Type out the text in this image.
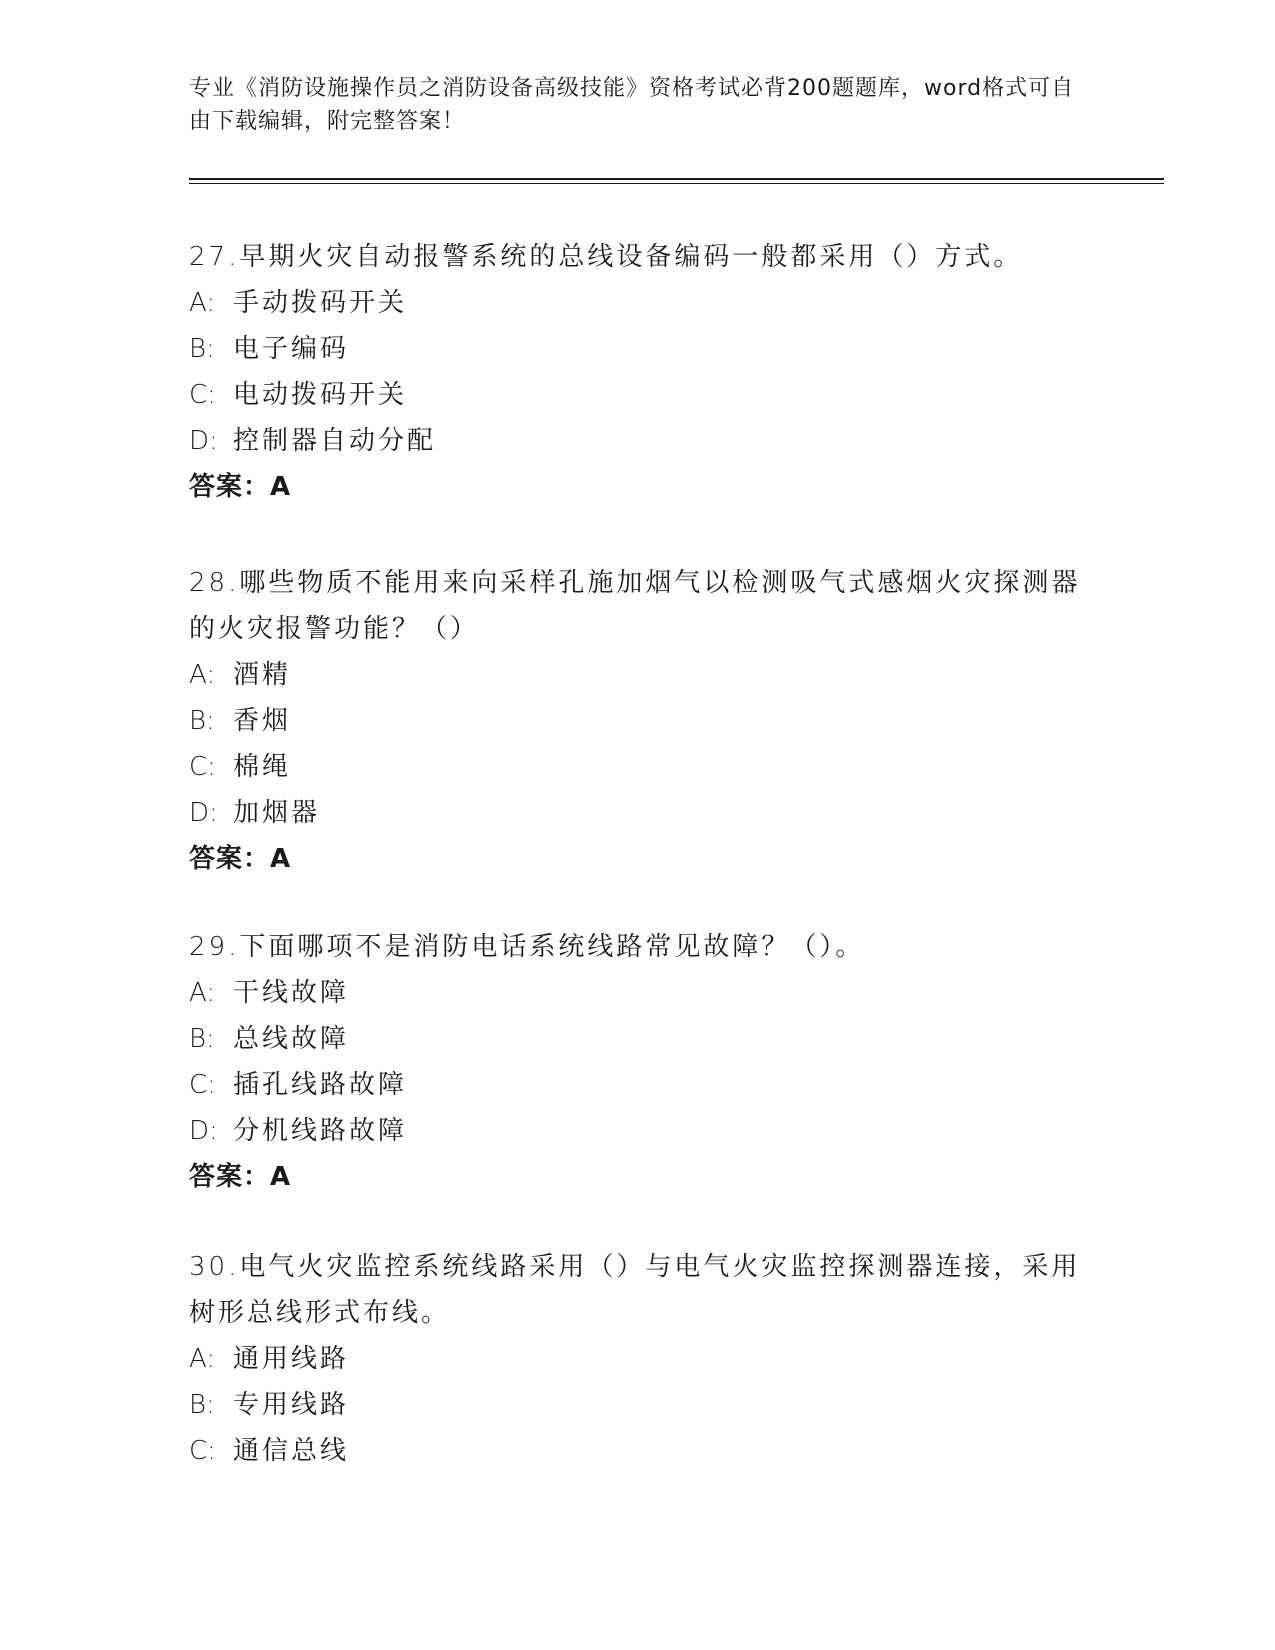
专业《消防设施操作员之消防设备高级技能》资格考试必背200题题库，word格式可自由下载编辑，附完整答案！
27.早期火灾自动报警系统的总线设备编码一般都采用（）方式。
A: 手动拨码开关
B: 电子编码
C: 电动拨码开关
D: 控制器自动分配
答案：A
28.哪些物质不能用来向采样孔施加烟气以检测吸气式感烟火灾探测器的火灾报警功能？（）
A: 酒精
B: 香烟
C: 棉绳
D: 加烟器
答案：A
29.下面哪项不是消防电话系统线路常见故障？（）。
A: 干线故障
B: 总线故障
C: 插孔线路故障
D: 分机线路故障
答案：A
30.电气火灾监控系统线路采用（）与电气火灾监控探测器连接，采用树形总线形式布线。
A: 通用线路
B: 专用线路
C: 通信总线
